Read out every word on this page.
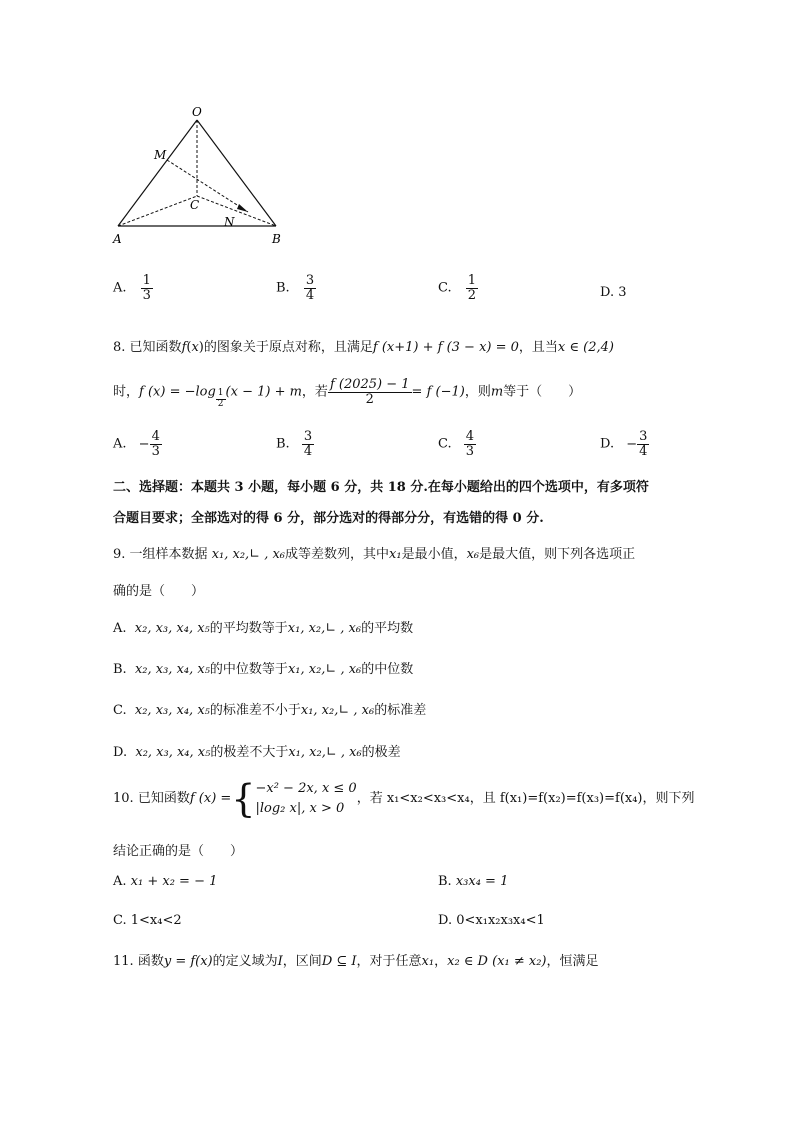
O
M
C
N
A	B
A. $\frac{1}{3}$	B. $\frac{3}{4}$	C. $\frac{1}{2}$	D. 3
8. 已知函数f(x)的图象关于原点对称，且满足f (x+1) + f (3 − x) = 0，且当x ∈ (2,4)
时，f $(x) = -\log \frac{1}{2} (x - 1) + m$，若 $\frac{f (2025) - 1}{2} = f$ (−1)，则m等于（　　）
A. − $\frac{4}{3}$	B. $\frac{3}{4}$	C. $\frac{4}{3}$	D. − $\frac{3}{4}$
二、选择题：本题共 3 小题，每小题 6 分，共 18 分.在每小题给出的四个选项中，有多项符
合题目要求；全部选对的得 6 分，部分选对的得部分分，有选错的得 0 分.
9. 一组样本数据 x₁, x₂,∟ , x₆成等差数列，其中x₁是最小值，x₆是最大值，则下列各选项正
确的是（　　）
A. x₂, x₃, x₄, x₅的平均数等于x₁, x₂,∟ , x₆的平均数
B. x₂, x₃, x₄, x₅的中位数等于x₁, x₂,∟ , x₆的中位数
C. x₂, x₃, x₄, x₅的标准差不小于x₁, x₂,∟ , x₆的标准差
D. x₂, x₃, x₄, x₅的极差不大于x₁, x₂,∟ , x₆的极差
10. 已知函数f (x) ={ −x² − 2x, x ≤ 0
|log₂ x|, x > 0
，若 x₁<x₂<x₃<x₄，且 f(x₁)=f(x₂)=f(x₃)=f(x₄)，则下列
结论正确的是（　　）
A. x₁ + x₂ = − 1	B. x₃x₄ = 1
C. 1<x₄<2	D. 0<x₁x₂x₃x₄<1
11. 函数y = f(x)的定义域为I，区间D ⊆ I，对于任意x₁，x₂ ∈ D (x₁ ≠ x₂)，恒满足
